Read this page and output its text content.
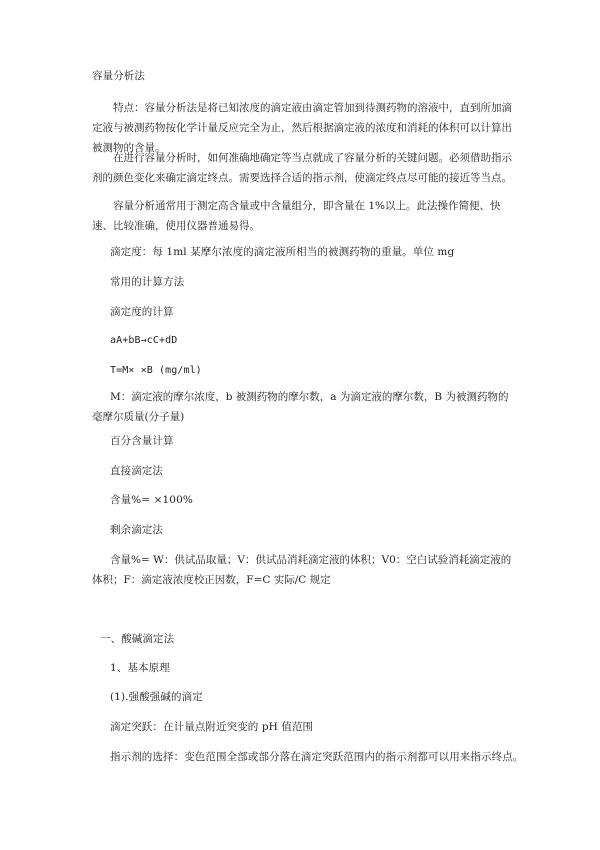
容量分析法
特点：容量分析法是将已知浓度的滴定液由滴定管加到待测药物的溶液中，直到所加滴定液与被测药物按化学计量反应完全为止，然后根据滴定液的浓度和消耗的体积可以计算出被测物的含量。
在进行容量分析时，如何准确地确定等当点就成了容量分析的关键问题。必须借助指示剂的颜色变化来确定滴定终点。需要选择合适的指示剂，使滴定终点尽可能的接近等当点。
容量分析通常用于测定高含量或中含量组分，即含量在 1%以上。此法操作简便、快速、比较准确，使用仪器普通易得。
滴定度：每 1ml 某摩尔浓度的滴定液所相当的被测药物的重量。单位 mg
常用的计算方法
滴定度的计算
aA+bB→cC+dD
T=M× ×B (mg/ml)
M：滴定液的摩尔浓度，b 被测药物的摩尔数，a 为滴定液的摩尔数，B 为被测药物的毫摩尔质量(分子量)
百分含量计算
直接滴定法
含量%= ×100%
剩余滴定法
含量%= W：供试品取量；V：供试品消耗滴定液的体积；V0：空白试验消耗滴定液的体积；F：滴定液浓度校正因数，F=C 实际/C 规定
一、酸碱滴定法
1、基本原理
(1).强酸强碱的滴定
滴定突跃：在计量点附近突变的 pH 值范围
指示剂的选择：变色范围全部或部分落在滴定突跃范围内的指示剂都可以用来指示终点。
